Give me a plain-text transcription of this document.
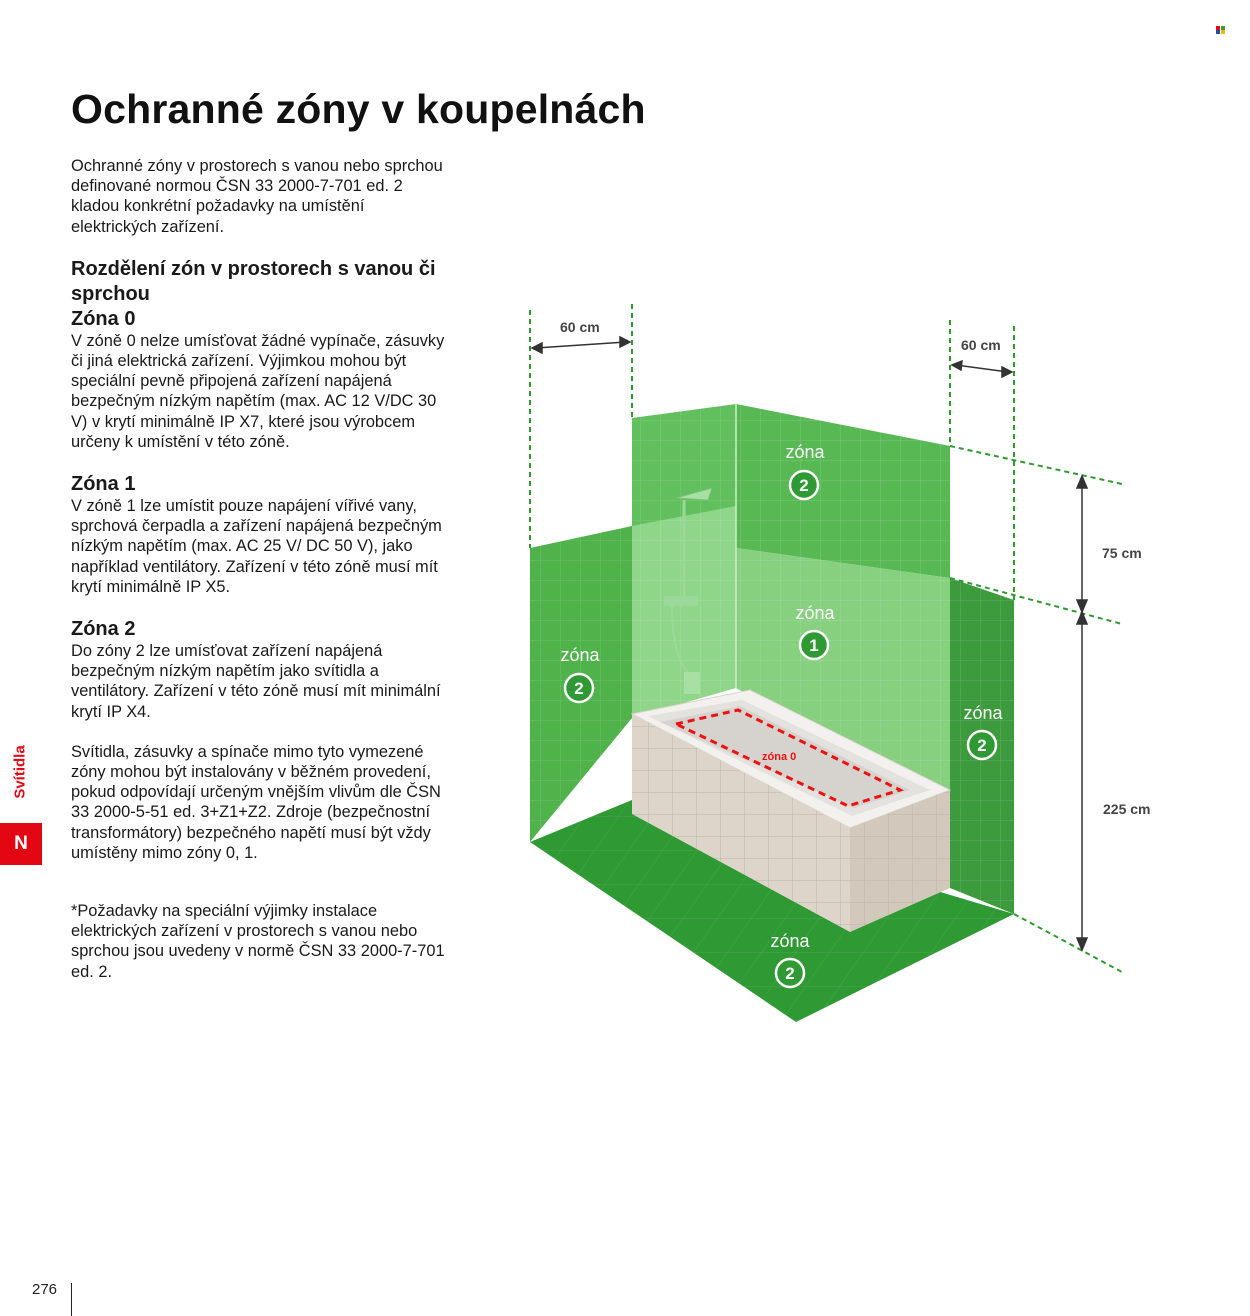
Ochranné zóny v koupelnách

Ochranné zóny v prostorech s vanou nebo sprchou definované normou ČSN 33 2000-7-701 ed. 2 kladou konkrétní požadavky na umístění elektrických zařízení.

Rozdělení zón v prostorech s vanou či sprchou

Zóna 0

V zóně 0 nelze umísťovat žádné vypínače, zásuvky či jiná elektrická zařízení. Výjimkou mohou být speciální pevně připojená zařízení napájená bezpečným nízkým napětím (max. AC 12 V/DC 30 V) v krytí minimálně IP X7, které jsou výrobcem určeny k umístění v této zóně.

Zóna 1

V zóně 1 lze umístit pouze napájení vířivé vany, sprchová čerpadla a zařízení napájená bezpečným nízkým napětím (max. AC 25 V/ DC 50 V), jako například ventilátory. Zařízení v této zóně musí mít krytí minimálně IP X5.

Zóna 2

Do zóny 2 lze umísťovat zařízení napájená bezpečným nízkým napětím jako svítidla a ventilátory. Zařízení v této zóně musí mít minimální krytí IP X4.

Svítidla, zásuvky a spínače mimo tyto vymezené zóny mohou být instalovány v běžném provedení, pokud odpovídají určeným vnějším vlivům dle ČSN 33 2000-5-51 ed. 3+Z1+Z2. Zdroje (bezpečnostní transformátory) bezpečného napětí musí být vždy umístěny mimo zóny 0, 1.

*Požadavky na speciální výjimky instalace elektrických zařízení v prostorech s vanou nebo sprchou jsou uvedeny v normě ČSN 33 2000-7-701 ed. 2.

Svítidla
N
276
60 cm
60 cm
75 cm
225 cm
zóna
2
zóna
1
zóna
2
zóna
2
zóna
2
zóna 0
